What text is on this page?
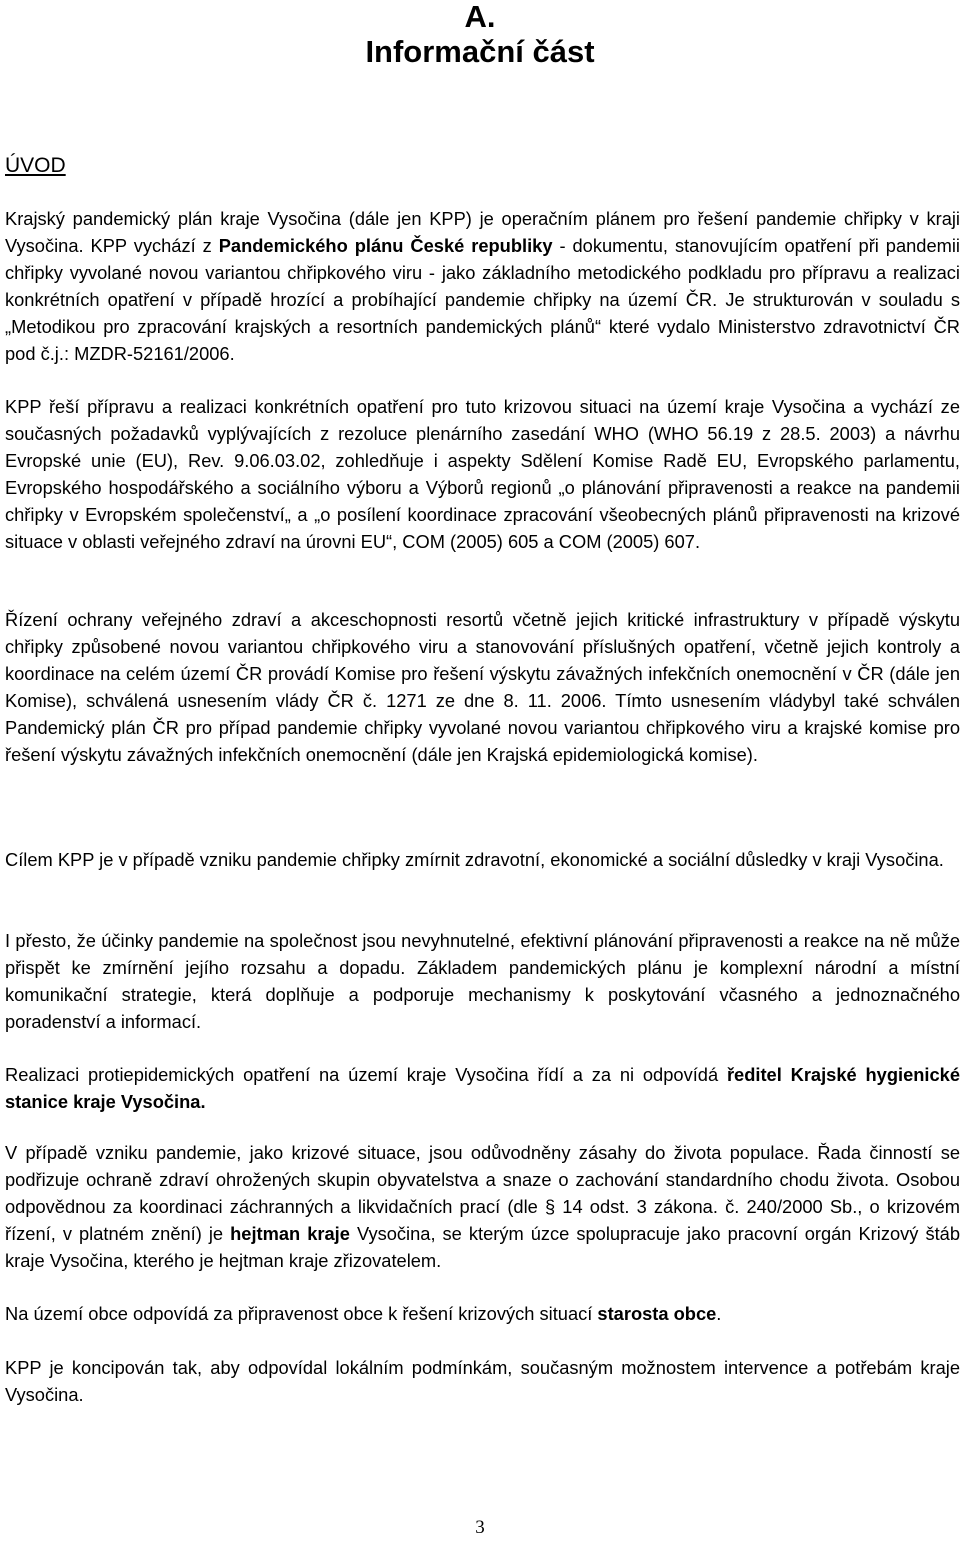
A.
Informační část
ÚVOD

Krajský pandemický plán kraje Vysočina (dále jen KPP) je operačním plánem pro řešení pandemie chřipky v kraji Vysočina. KPP vychází z Pandemického plánu České republiky - dokumentu, stanovujícím opatření při pandemii chřipky vyvolané novou variantou chřipkového viru - jako základního metodického podkladu pro přípravu a realizaci konkrétních opatření v případě hrozící a probíhající pandemie chřipky na území ČR. Je strukturován v souladu s „Metodikou pro zpracování krajských a resortních pandemických plánů“ které vydalo Ministerstvo zdravotnictví ČR pod č.j.: MZDR-52161/2006.

KPP řeší přípravu a realizaci konkrétních opatření pro tuto krizovou situaci na území kraje Vysočina a vychází ze současných požadavků vyplývajících z rezoluce plenárního zasedání WHO (WHO 56.19 z 28.5. 2003) a návrhu Evropské unie (EU), Rev. 9.06.03.02, zohledňuje i aspekty Sdělení Komise Radě EU, Evropského parlamentu, Evropského hospodářského a sociálního výboru a Výborů regionů „o plánování připravenosti a reakce na pandemii chřipky v Evropském společenství„ a „o posílení koordinace zpracování všeobecných plánů připravenosti na krizové situace v oblasti veřejného zdraví na úrovni EU“, COM (2005) 605 a COM (2005) 607.

Řízení ochrany veřejného zdraví a akceschopnosti resortů včetně jejich kritické infrastruktury v případě výskytu chřipky způsobené novou variantou chřipkového viru a stanovování příslušných opatření, včetně jejich kontroly a koordinace na celém území ČR provádí Komise pro řešení výskytu závažných infekčních onemocnění v ČR (dále jen Komise), schválená usnesením vlády ČR č. 1271 ze dne 8. 11. 2006. Tímto usnesením vládybyl také schválen Pandemický plán ČR pro případ pandemie chřipky vyvolané novou variantou chřipkového viru a krajské komise pro řešení výskytu závažných infekčních onemocnění (dále jen Krajská epidemiologická komise).

Cílem KPP je v případě vzniku pandemie chřipky zmírnit zdravotní, ekonomické a sociální důsledky v kraji Vysočina.

I přesto, že účinky pandemie na společnost jsou nevyhnutelné, efektivní plánování připravenosti a reakce na ně může přispět ke zmírnění jejího rozsahu a dopadu. Základem pandemických plánu je komplexní národní a místní komunikační strategie, která doplňuje a podporuje mechanismy k poskytování včasného a jednoznačného poradenství a informací.

Realizaci protiepidemických opatření na území kraje Vysočina řídí a za ni odpovídá ředitel Krajské hygienické stanice kraje Vysočina.

V případě vzniku pandemie, jako krizové situace, jsou odůvodněny zásahy do života populace. Řada činností se podřizuje ochraně zdraví ohrožených skupin obyvatelstva a snaze o zachování standardního chodu života. Osobou odpovědnou za koordinaci záchranných a likvidačních prací (dle § 14 odst. 3 zákona. č. 240/2000 Sb., o krizovém řízení, v platném znění) je hejtman kraje Vysočina, se kterým úzce spolupracuje jako pracovní orgán Krizový štáb kraje Vysočina, kterého je hejtman kraje zřizovatelem.

Na území obce odpovídá za připravenost obce k řešení krizových situací starosta obce.

KPP je koncipován tak, aby odpovídal lokálním podmínkám, současným možnostem intervence a potřebám kraje Vysočina.

3
